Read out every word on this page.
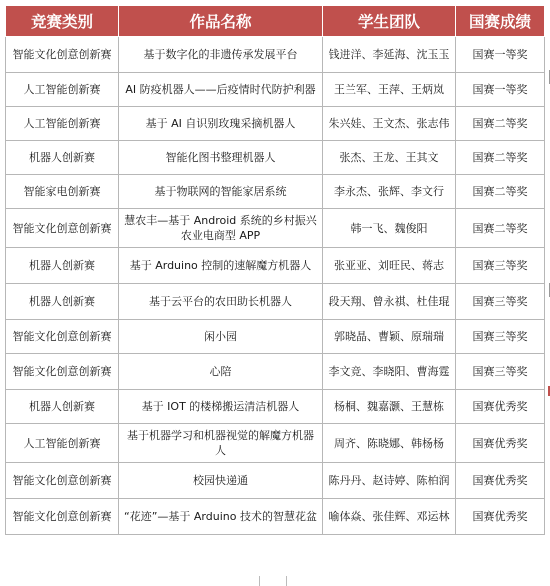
竞赛类别	作品名称	学生团队	国赛成绩
智能文化创意创新赛	基于数字化的非遗传承发展平台	钱进洋、李延海、沈玉玉	国赛一等奖
人工智能创新赛	AI 防疫机器人——后疫情时代防护利器	王兰军、王萍、王炳岚	国赛一等奖
人工智能创新赛	基于 AI 自识别玫瑰采摘机器人	朱兴娃、王文杰、张志伟	国赛二等奖
机器人创新赛	智能化图书整理机器人	张杰、王龙、王其文	国赛二等奖
智能家电创新赛	基于物联网的智能家居系统	李永杰、张辉、李文行	国赛二等奖
智能文化创意创新赛	慧农丰—基于 Android 系统的乡村振兴农业电商型 APP	韩一飞、魏俊阳	国赛二等奖
机器人创新赛	基于 Arduino 控制的速解魔方机器人	张亚亚、刘旺民、蒋志	国赛三等奖
机器人创新赛	基于云平台的农田助长机器人	段天翔、曾永祺、杜佳琨	国赛三等奖
智能文化创意创新赛	闲小园	郭晓晶、曹颖、原瑞瑞	国赛三等奖
智能文化创意创新赛	心陪	李文竞、李晓阳、曹海霆	国赛三等奖
机器人创新赛	基于 IOT 的楼梯搬运清洁机器人	杨桐、魏嘉灏、王慧栋	国赛优秀奖
人工智能创新赛	基于机器学习和机器视觉的解魔方机器人	周齐、陈晓娜、韩杨杨	国赛优秀奖
智能文化创意创新赛	校园快递通	陈丹丹、赵诗婷、陈柏润	国赛优秀奖
智能文化创意创新赛	“花迹”—基于 Arduino 技术的智慧花盆	喻体焱、张佳辉、邓运林	国赛优秀奖
